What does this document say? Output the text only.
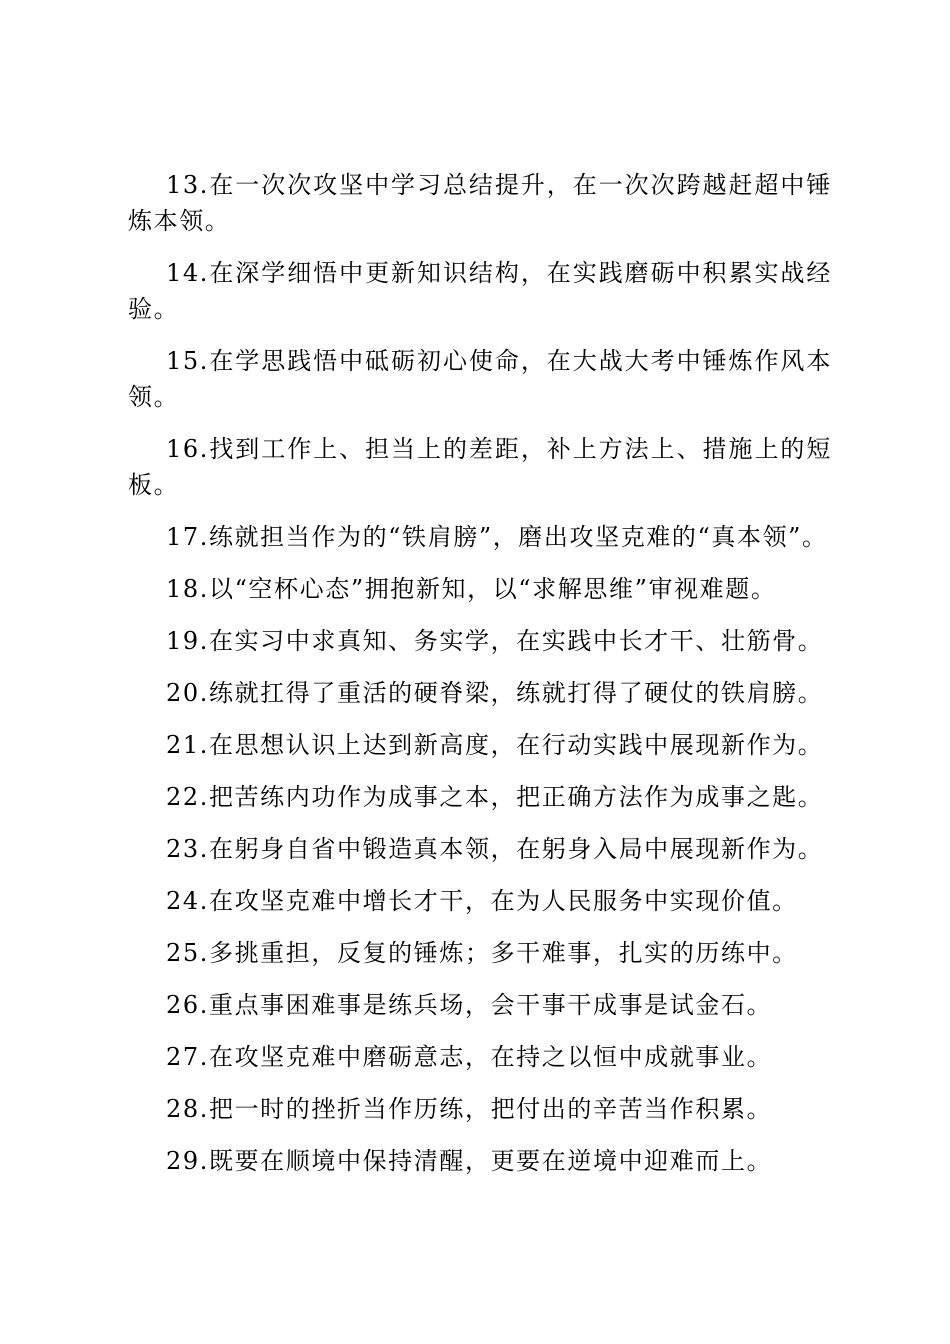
13.在一次次攻坚中学习总结提升，在一次次跨越赶超中锤炼本领。

14.在深学细悟中更新知识结构，在实践磨砺中积累实战经验。

15.在学思践悟中砥砺初心使命，在大战大考中锤炼作风本领。

16.找到工作上、担当上的差距，补上方法上、措施上的短板。

17.练就担当作为的“铁肩膀”，磨出攻坚克难的“真本领”。

18.以“空杯心态”拥抱新知，以“求解思维”审视难题。

19.在实习中求真知、务实学，在实践中长才干、壮筋骨。

20.练就扛得了重活的硬脊梁，练就打得了硬仗的铁肩膀。

21.在思想认识上达到新高度，在行动实践中展现新作为。

22.把苦练内功作为成事之本，把正确方法作为成事之匙。

23.在躬身自省中锻造真本领，在躬身入局中展现新作为。

24.在攻坚克难中增长才干，在为人民服务中实现价值。

25.多挑重担，反复的锤炼；多干难事，扎实的历练中。

26.重点事困难事是练兵场，会干事干成事是试金石。

27.在攻坚克难中磨砺意志，在持之以恒中成就事业。

28.把一时的挫折当作历练，把付出的辛苦当作积累。

29.既要在顺境中保持清醒，更要在逆境中迎难而上。
